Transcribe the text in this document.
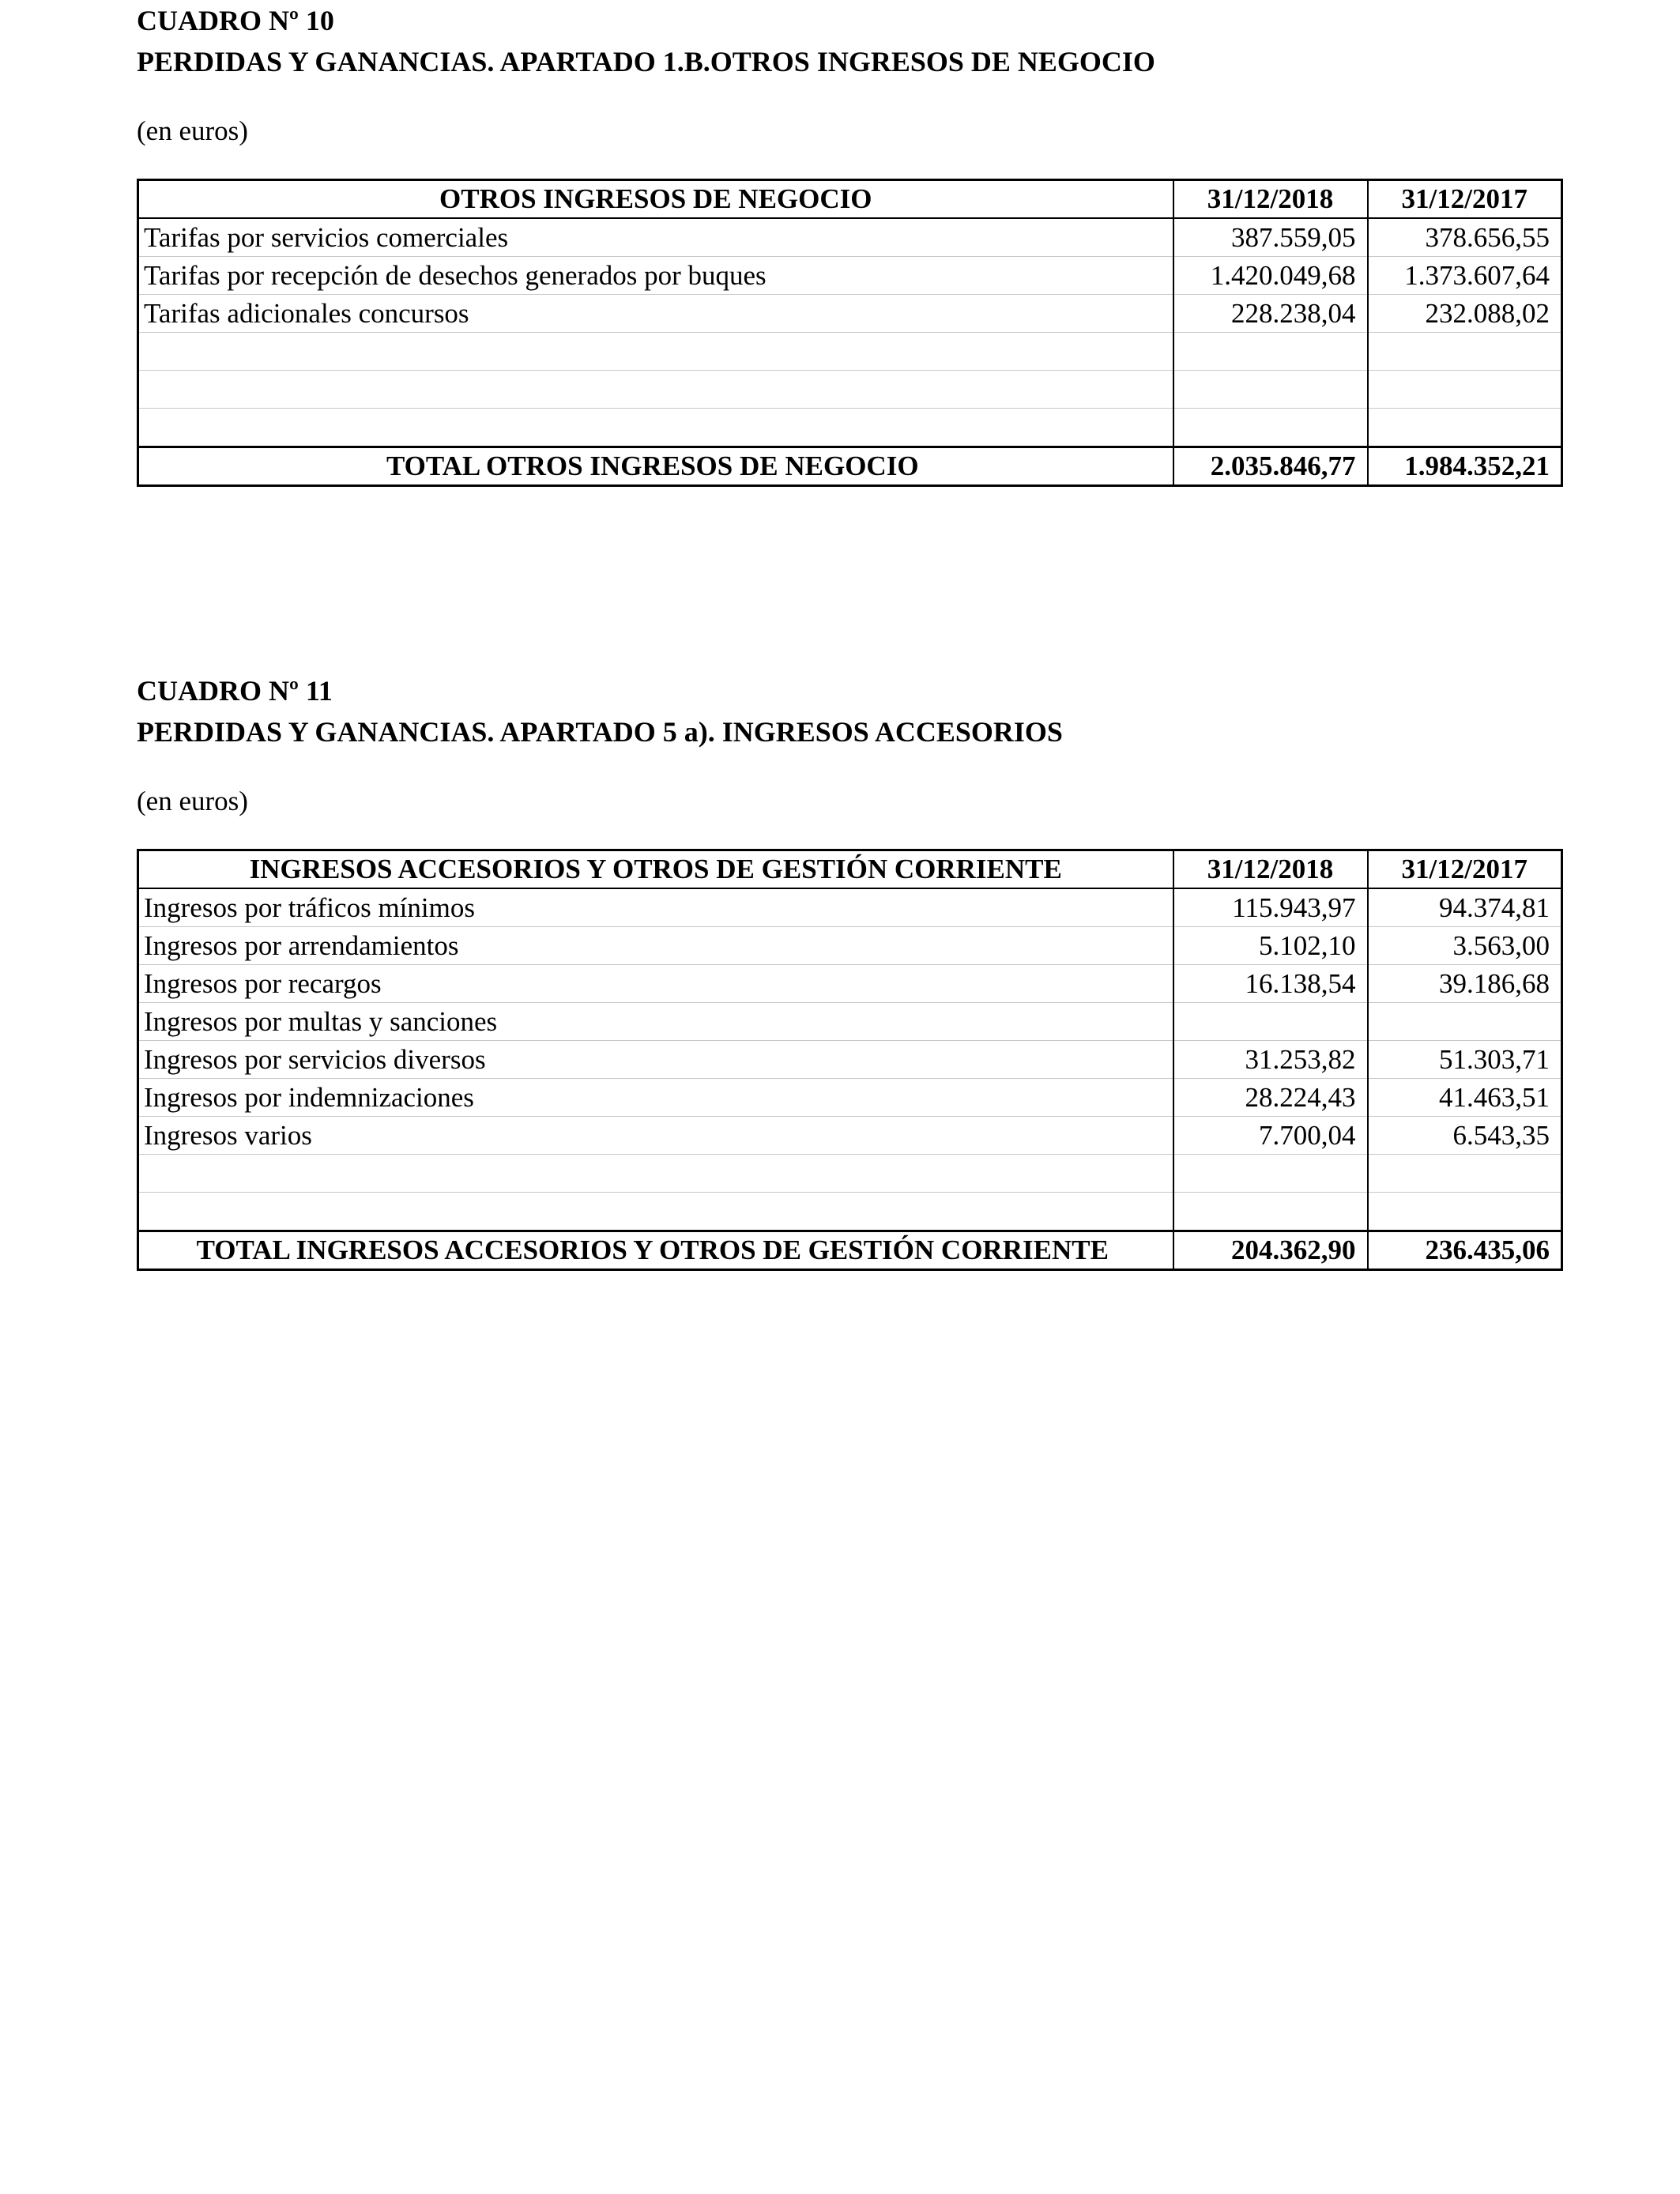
CUADRO Nº 10

PERDIDAS Y GANANCIAS. APARTADO 1.B.OTROS INGRESOS DE NEGOCIO

(en euros)
OTROS INGRESOS DE NEGOCIO	31/12/2018	31/12/2017
Tarifas por servicios comerciales	387.559,05	378.656,55
Tarifas por recepción de desechos generados por buques	1.420.049,68	1.373.607,64
Tarifas adicionales concursos	228.238,04	232.088,02

TOTAL OTROS INGRESOS DE NEGOCIO	2.035.846,77	1.984.352,21

CUADRO Nº 11

PERDIDAS Y GANANCIAS. APARTADO 5 a). INGRESOS ACCESORIOS

(en euros)
INGRESOS ACCESORIOS Y OTROS DE GESTIÓN CORRIENTE	31/12/2018	31/12/2017
Ingresos por tráficos mínimos	115.943,97	94.374,81
Ingresos por arrendamientos	5.102,10	3.563,00
Ingresos por recargos	16.138,54	39.186,68
Ingresos por multas y sanciones		
Ingresos por servicios diversos	31.253,82	51.303,71
Ingresos por indemnizaciones	28.224,43	41.463,51
Ingresos varios	7.700,04	6.543,35

TOTAL INGRESOS ACCESORIOS Y OTROS DE GESTIÓN CORRIENTE	204.362,90	236.435,06
